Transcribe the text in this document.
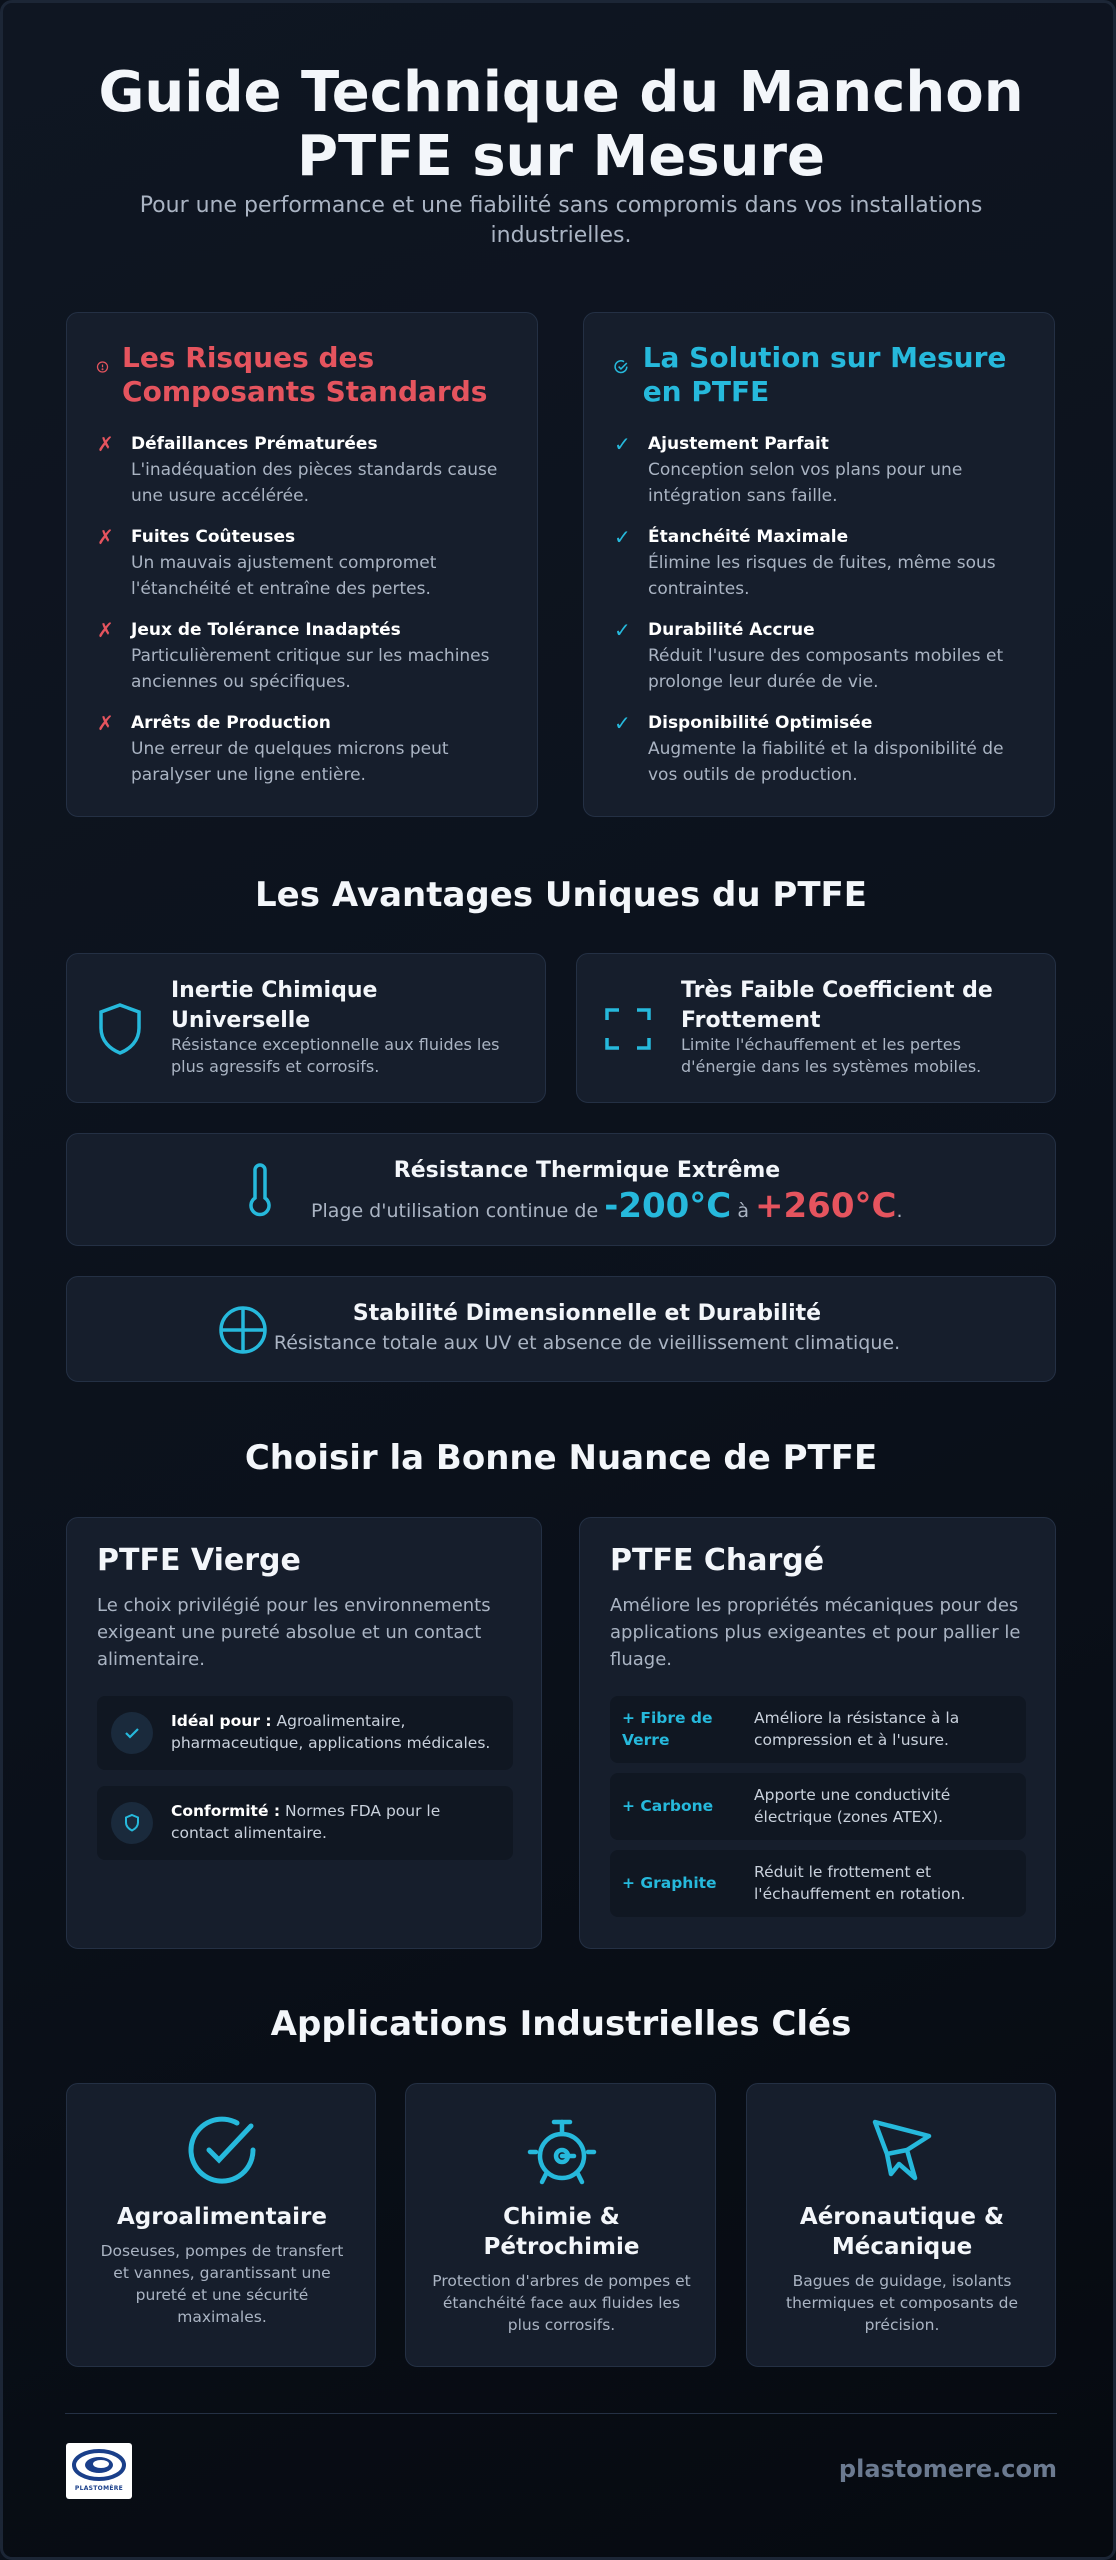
Guide Technique du Manchon
PTFE sur Mesure
Pour une performance et une fiabilité sans compromis dans vos installations industrielles.
Les Risques des Composants Standards
✗	Défaillances Prématurées
L'inadéquation des pièces standards cause une usure accélérée.
✗	Fuites Coûteuses
Un mauvais ajustement compromet l'étanchéité et entraîne des pertes.
✗	Jeux de Tolérance Inadaptés
Particulièrement critique sur les machines anciennes ou spécifiques.
✗	Arrêts de Production
Une erreur de quelques microns peut paralyser une ligne entière.
La Solution sur Mesure en PTFE
✓	Ajustement Parfait
Conception selon vos plans pour une intégration sans faille.
✓	Étanchéité Maximale
Élimine les risques de fuites, même sous contraintes.
✓	Durabilité Accrue
Réduit l'usure des composants mobiles et prolonge leur durée de vie.
✓	Disponibilité Optimisée
Augmente la fiabilité et la disponibilité de vos outils de production.
Les Avantages Uniques du PTFE
Inertie Chimique Universelle
Résistance exceptionnelle aux fluides les plus agressifs et corrosifs.
Très Faible Coefficient de Frottement
Limite l'échauffement et les pertes d'énergie dans les systèmes mobiles.
Résistance Thermique Extrême
Plage d'utilisation continue de -200°C à +260°C.
Stabilité Dimensionnelle et Durabilité
Résistance totale aux UV et absence de vieillissement climatique.
Choisir la Bonne Nuance de PTFE
PTFE Vierge
Le choix privilégié pour les environnements exigeant une pureté absolue et un contact alimentaire.
Idéal pour : Agroalimentaire, pharmaceutique, applications médicales.
Conformité : Normes FDA pour le contact alimentaire.
PTFE Chargé
Améliore les propriétés mécaniques pour des applications plus exigeantes et pour pallier le fluage.
+ Fibre de Verre
Améliore la résistance à la compression et à l'usure.
+ Carbone
Apporte une conductivité électrique (zones ATEX).
+ Graphite
Réduit le frottement et l'échauffement en rotation.
Applications Industrielles Clés
Agroalimentaire
Doseuses, pompes de transfert et vannes, garantissant une pureté et une sécurité maximales.
Chimie & Pétrochimie
Protection d'arbres de pompes et étanchéité face aux fluides les plus corrosifs.
Aéronautique & Mécanique
Bagues de guidage, isolants thermiques et composants de précision.
PLASTOMÈRE
plastomere.com
